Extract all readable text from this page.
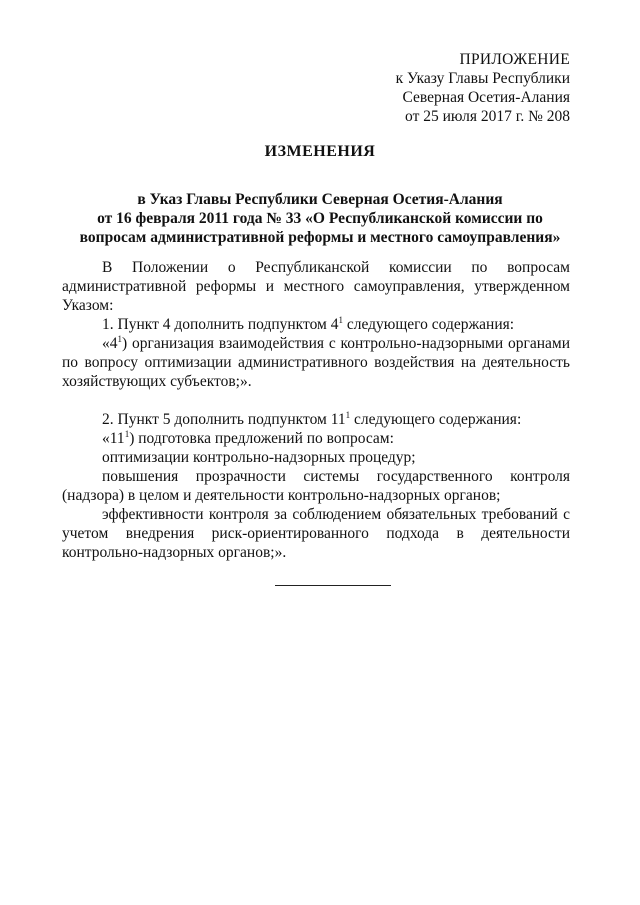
ПРИЛОЖЕНИЕ
к Указу Главы Республики
Северная Осетия-Алания
от 25 июля 2017 г. № 208
ИЗМЕНЕНИЯ
в Указ Главы Республики Северная Осетия-Алания
от 16 февраля 2011 года № 33 «О Республиканской комиссии по
вопросам административной реформы и местного самоуправления»

В Положении о Республиканской комиссии по вопросам административной реформы и местного самоуправления, утвержденном Указом:

1. Пункт 4 дополнить подпунктом $4^1$ следующего содержания:

«$4^1$) организация взаимодействия с контрольно-надзорными органами по вопросу оптимизации административного воздействия на деятельность хозяйствующих субъектов;».

2. Пункт 5 дополнить подпунктом $11^1$ следующего содержания:

«$11^1$) подготовка предложений по вопросам:

оптимизации контрольно-надзорных процедур;

повышения прозрачности системы государственного контроля (надзора) в целом и деятельности контрольно-надзорных органов;

эффективности контроля за соблюдением обязательных требований с учетом внедрения риск-ориентированного подхода в деятельности контрольно-надзорных органов;».
